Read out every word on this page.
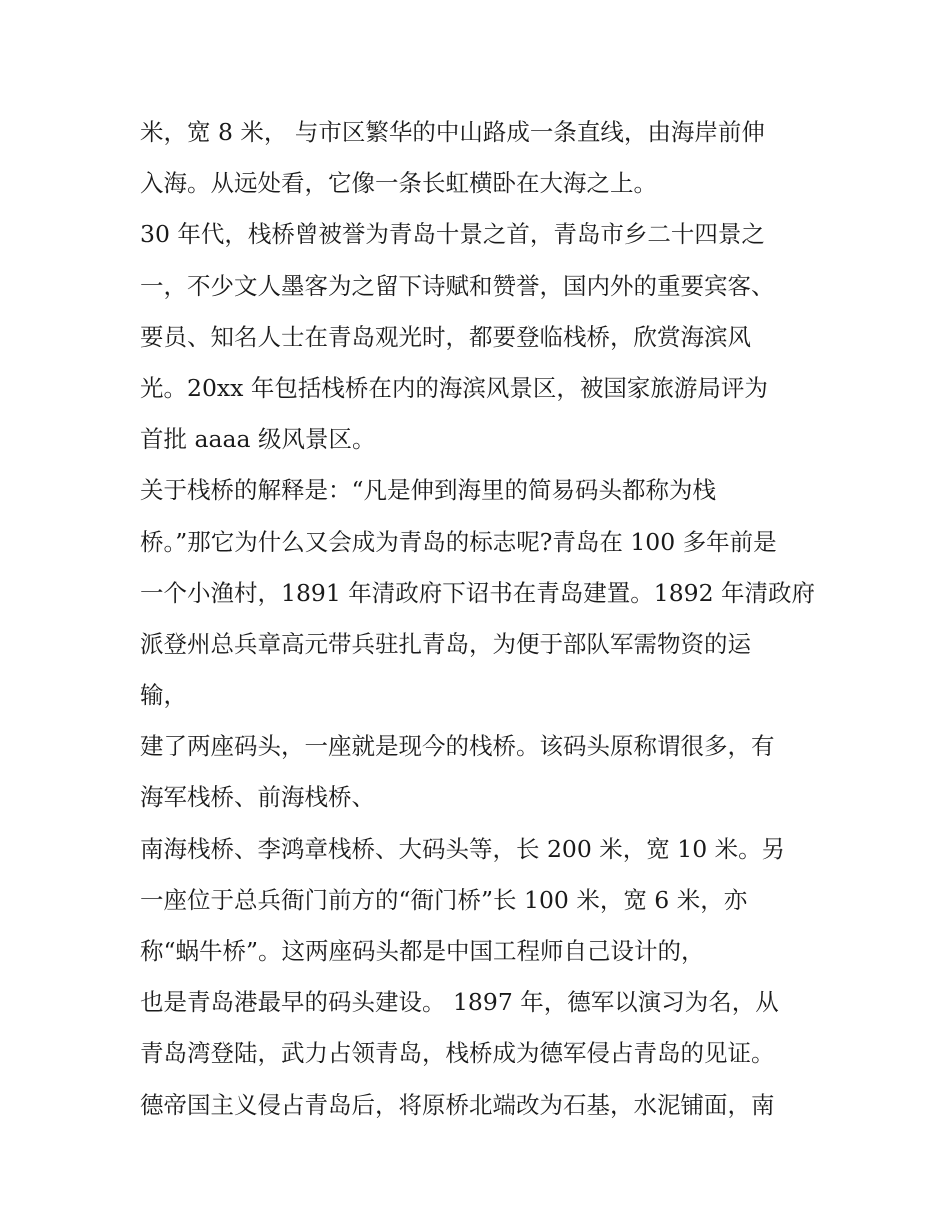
米，宽 8 米， 与市区繁华的中山路成一条直线，由海岸前伸
入海。从远处看，它像一条长虹横卧在大海之上。
30 年代，栈桥曾被誉为青岛十景之首，青岛市乡二十四景之
一，不少文人墨客为之留下诗赋和赞誉，国内外的重要宾客、
要员、知名人士在青岛观光时，都要登临栈桥，欣赏海滨风
光。20xx 年包括栈桥在内的海滨风景区，被国家旅游局评为
首批 aaaa 级风景区。
关于栈桥的解释是：“凡是伸到海里的简易码头都称为栈
桥。”那它为什么又会成为青岛的标志呢?青岛在 100 多年前是
一个小渔村，1891 年清政府下诏书在青岛建置。1892 年清政府
派登州总兵章高元带兵驻扎青岛，为便于部队军需物资的运
输，
建了两座码头，一座就是现今的栈桥。该码头原称谓很多，有
海军栈桥、前海栈桥、
南海栈桥、李鸿章栈桥、大码头等，长 200 米，宽 10 米。另
一座位于总兵衙门前方的“衙门桥”长 100 米，宽 6 米，亦
称“蜗牛桥”。这两座码头都是中国工程师自己设计的，
也是青岛港最早的码头建设。 1897 年，德军以演习为名，从
青岛湾登陆，武力占领青岛，栈桥成为德军侵占青岛的见证。
德帝国主义侵占青岛后，将原桥北端改为石基，水泥铺面，南
